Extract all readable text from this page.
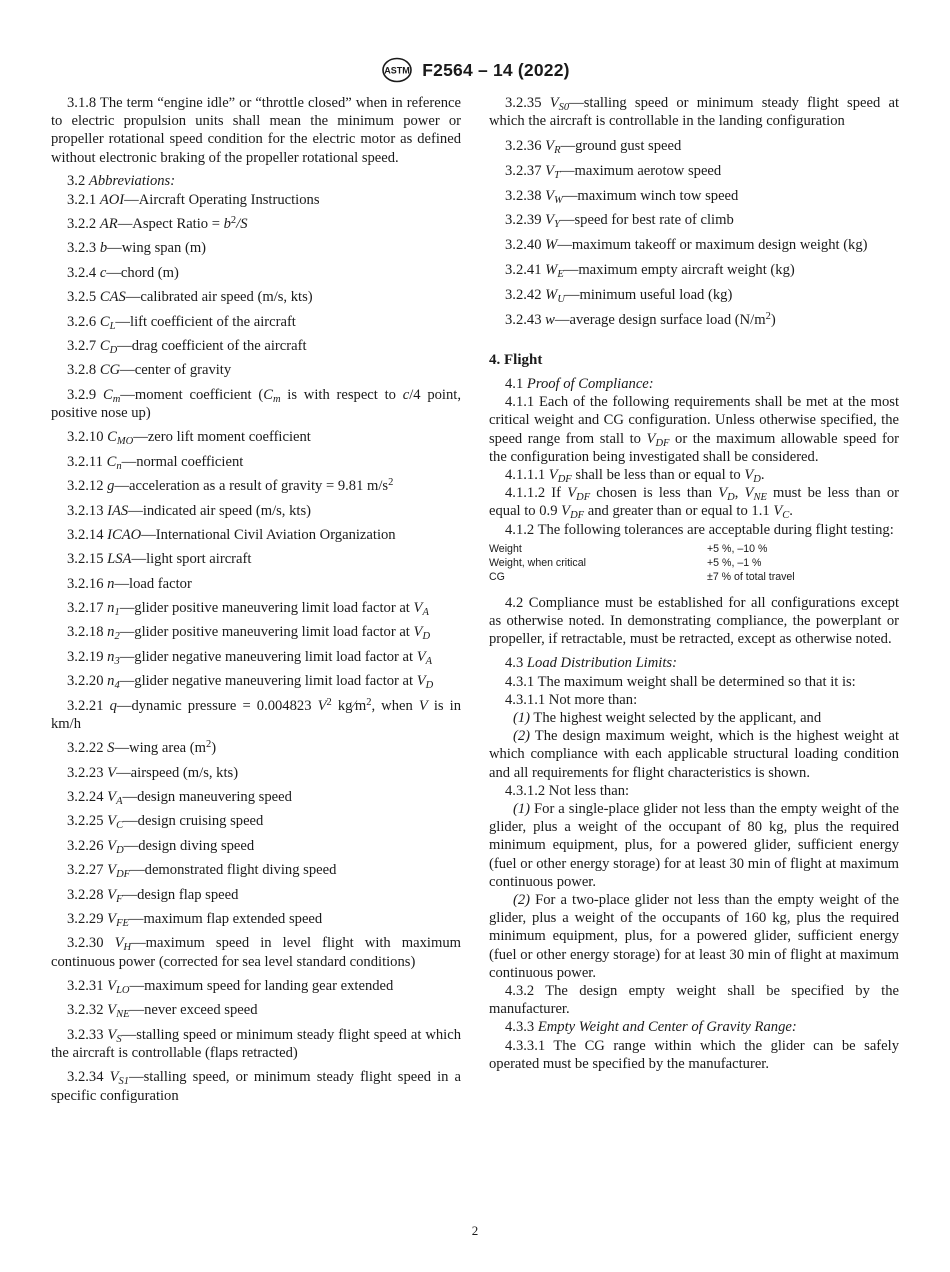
ASTM F2564 – 14 (2022)

3.1.8 The term “engine idle” or “throttle closed” when in reference to electric propulsion units shall mean the minimum power or propeller rotational speed condition for the electric motor as defined without electronic braking of the propeller rotational speed.

3.2 Abbreviations:

3.2.1 AOI—Aircraft Operating Instructions

3.2.2 AR—Aspect Ratio = $b^2/S$

3.2.3 b—wing span (m)

3.2.4 c—chord (m)

3.2.5 CAS—calibrated air speed (m/s, kts)

3.2.6 $C_L—lift$ coefficient of the aircraft

3.2.7 $C_D—drag$ coefficient of the aircraft

3.2.8 CG—center of gravity

3.2.9 $C_m—moment$ coefficient ($C_m$ is with respect to c/4 point, positive nose up)

3.2.10 $C_{MO}—zero$ lift moment coefficient

3.2.11 $C_n—normal$ coefficient

3.2.12 g—acceleration as a result of gravity = 9.81 $m/s^2$

3.2.13 IAS—indicated air speed (m/s, kts)

3.2.14 ICAO—International Civil Aviation Organization

3.2.15 LSA—light sport aircraft

3.2.16 n—load factor

3.2.17 $n_1—glider$ positive maneuvering limit load factor at $V_A$

3.2.18 $n_2—glider$ positive maneuvering limit load factor at $V_D$

3.2.19 $n_3—glider$ negative maneuvering limit load factor at $V_A$

3.2.20 $n_4—glider$ negative maneuvering limit load factor at $V_D$

3.2.21 q—dynamic pressure = 0.004823 $V^2$ $kg⁄m^2$, when V is in km/h

3.2.22 S—wing area $(m^2)$

3.2.23 V—airspeed (m/s, kts)

3.2.24 $V_A—design$ maneuvering speed

3.2.25 $V_C—design$ cruising speed

3.2.26 $V_D—design$ diving speed

3.2.27 $V_{DF}—demonstrated$ flight diving speed

3.2.28 $V_F—design$ flap speed

3.2.29 $V_{FE}—maximum$ flap extended speed

3.2.30 $V_H—maximum$ speed in level flight with maximum continuous power (corrected for sea level standard conditions)

3.2.31 $V_{LO}—maximum$ speed for landing gear extended

3.2.32 $V_{NE}—never$ exceed speed

3.2.33 $V_S—stalling$ speed or minimum steady flight speed at which the aircraft is controllable (flaps retracted)

3.2.34 $V_{S1}—stalling$ speed, or minimum steady flight speed in a specific configuration

3.2.35 $V_{S0}—stalling$ speed or minimum steady flight speed at which the aircraft is controllable in the landing configuration

3.2.36 $V_R—ground$ gust speed

3.2.37 $V_T—maximum$ aerotow speed

3.2.38 $V_W—maximum$ winch tow speed

3.2.39 $V_Y—speed$ for best rate of climb

3.2.40 W—maximum takeoff or maximum design weight (kg)

3.2.41 $W_E—maximum$ empty aircraft weight (kg)

3.2.42 $W_U—minimum$ useful load (kg)

3.2.43 w—average design surface load $(N/m^2)$

4. Flight

4.1 Proof of Compliance:

4.1.1 Each of the following requirements shall be met at the most critical weight and CG configuration. Unless otherwise specified, the speed range from stall to $V_{DF}$ or the maximum allowable speed for the configuration being investigated shall be considered.

4.1.1.1 $V_{DF}$ shall be less than or equal to $V_D$.

4.1.1.2 If $V_{DF}$ chosen is less than $V_D$, $V_{NE}$ must be less than or equal to 0.9 $V_{DF}$ and greater than or equal to 1.1 $V_C$.

4.1.2 The following tolerances are acceptable during flight testing:

Weight	+5 %, –10 %
Weight, when critical	+5 %, –1 %
CG	±7 % of total travel

4.2 Compliance must be established for all configurations except as otherwise noted. In demonstrating compliance, the powerplant or propeller, if retractable, must be retracted, except as otherwise noted.

4.3 Load Distribution Limits:

4.3.1 The maximum weight shall be determined so that it is:

4.3.1.1 Not more than:

(1) The highest weight selected by the applicant, and

(2) The design maximum weight, which is the highest weight at which compliance with each applicable structural loading condition and all requirements for flight characteristics is shown.

4.3.1.2 Not less than:

(1) For a single-place glider not less than the empty weight of the glider, plus a weight of the occupant of 80 kg, plus the required minimum equipment, plus, for a powered glider, sufficient energy (fuel or other energy storage) for at least 30 min of flight at maximum continuous power.

(2) For a two-place glider not less than the empty weight of the glider, plus a weight of the occupants of 160 kg, plus the required minimum equipment, plus, for a powered glider, sufficient energy (fuel or other energy storage) for at least 30 min of flight at maximum continuous power.

4.3.2 The design empty weight shall be specified by the manufacturer.

4.3.3 Empty Weight and Center of Gravity Range:

4.3.3.1 The CG range within which the glider can be safely operated must be specified by the manufacturer.

2
